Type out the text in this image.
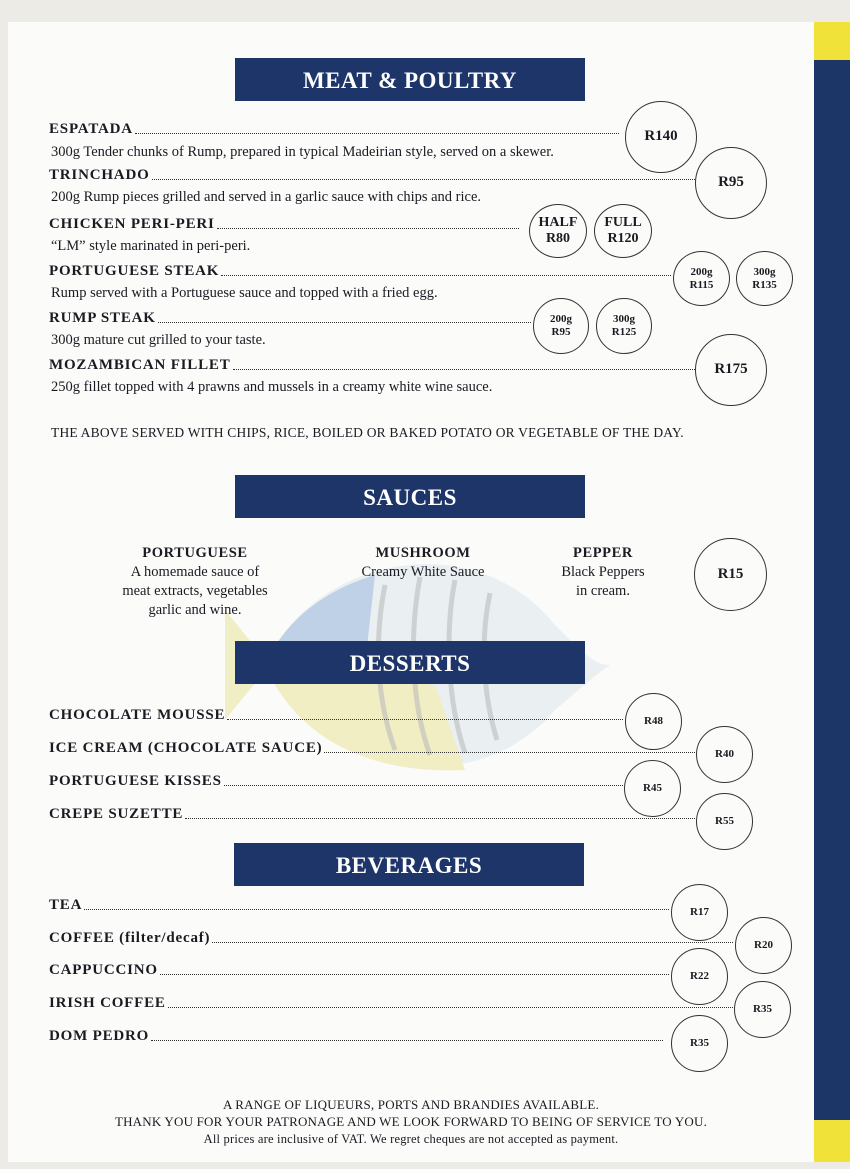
MEAT & POULTRY
ESPATADA
300g Tender chunks of Rump, prepared in typical Madeirian style, served on a skewer.
R140
TRINCHADO
200g Rump pieces grilled and served in a garlic sauce with chips and rice.
R95
CHICKEN PERI-PERI
“LM” style marinated in peri-peri.
HALF
R80
FULL
R120
PORTUGUESE STEAK
Rump served with a Portuguese sauce and topped with a fried egg.
200g
R115
300g
R135
RUMP STEAK
300g mature cut grilled to your taste.
200g
R95
300g
R125
MOZAMBICAN FILLET
250g fillet topped with 4 prawns and mussels in a creamy white wine sauce.
R175
THE ABOVE SERVED WITH CHIPS, RICE, BOILED OR BAKED POTATO OR VEGETABLE OF THE DAY.
SAUCES
PORTUGUESE
A homemade sauce of
meat extracts, vegetables
garlic and wine.
MUSHROOM
Creamy White Sauce
PEPPER
Black Peppers
in cream.
R15
DESSERTS
CHOCOLATE MOUSSE	R48
ICE CREAM (CHOCOLATE SAUCE)	R40
PORTUGUESE KISSES	R45
CREPE SUZETTE	R55
BEVERAGES
TEA	R17
COFFEE (filter/decaf)	R20
CAPPUCCINO	R22
IRISH COFFEE	R35
DOM PEDRO	R35
A RANGE OF LIQUEURS, PORTS AND BRANDIES AVAILABLE.
THANK YOU FOR YOUR PATRONAGE AND WE LOOK FORWARD TO BEING OF SERVICE TO YOU.
All prices are inclusive of VAT. We regret cheques are not accepted as payment.
